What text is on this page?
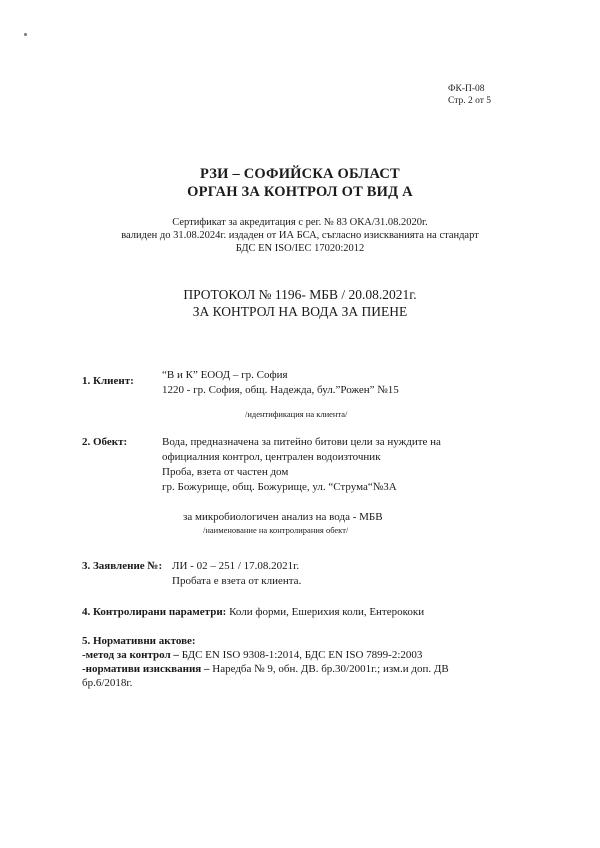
ФК-П-08
Стр. 2 от 5
РЗИ – СОФИЙСКА ОБЛАСТ
ОРГАН ЗА КОНТРОЛ ОТ ВИД А
Сертификат за акредитация с рег. № 83 ОКА/31.08.2020г.
валиден до 31.08.2024г. издаден от ИА БСА, съгласно изискванията на стандарт
БДС EN ISO/IEC 17020:2012
ПРОТОКОЛ № 1196- МБВ / 20.08.2021г.
ЗА КОНТРОЛ НА ВОДА ЗА ПИЕНЕ
1. Клиент:	“В и К” ЕООД – гр. София
1220 - гр. София, общ. Надежда, бул.”Рожен” №15
/идентификация на клиента/
2. Обект:	Вода, предназначена за питейно битови цели за нуждите на
официалния контрол, централен водоизточник
Проба, взета от частен дом
гр. Божурище, общ. Божурище, ул. “Струма“№3А
за микробиологичен анализ на вода - МБВ
/наименование на контролирания обект/
3. Заявление №: ЛИ - 02 – 251 / 17.08.2021г.
Пробата е взета от клиента.
4. Контролирани параметри: Коли форми, Ешерихия коли, Ентерококи
5. Нормативни актове:
-метод за контрол – БДС EN ISO 9308-1:2014, БДС EN ISO 7899-2:2003
-нормативи изисквания – Наредба № 9, обн. ДВ. бр.30/2001г.; изм.и доп. ДВ
бр.6/2018г.
